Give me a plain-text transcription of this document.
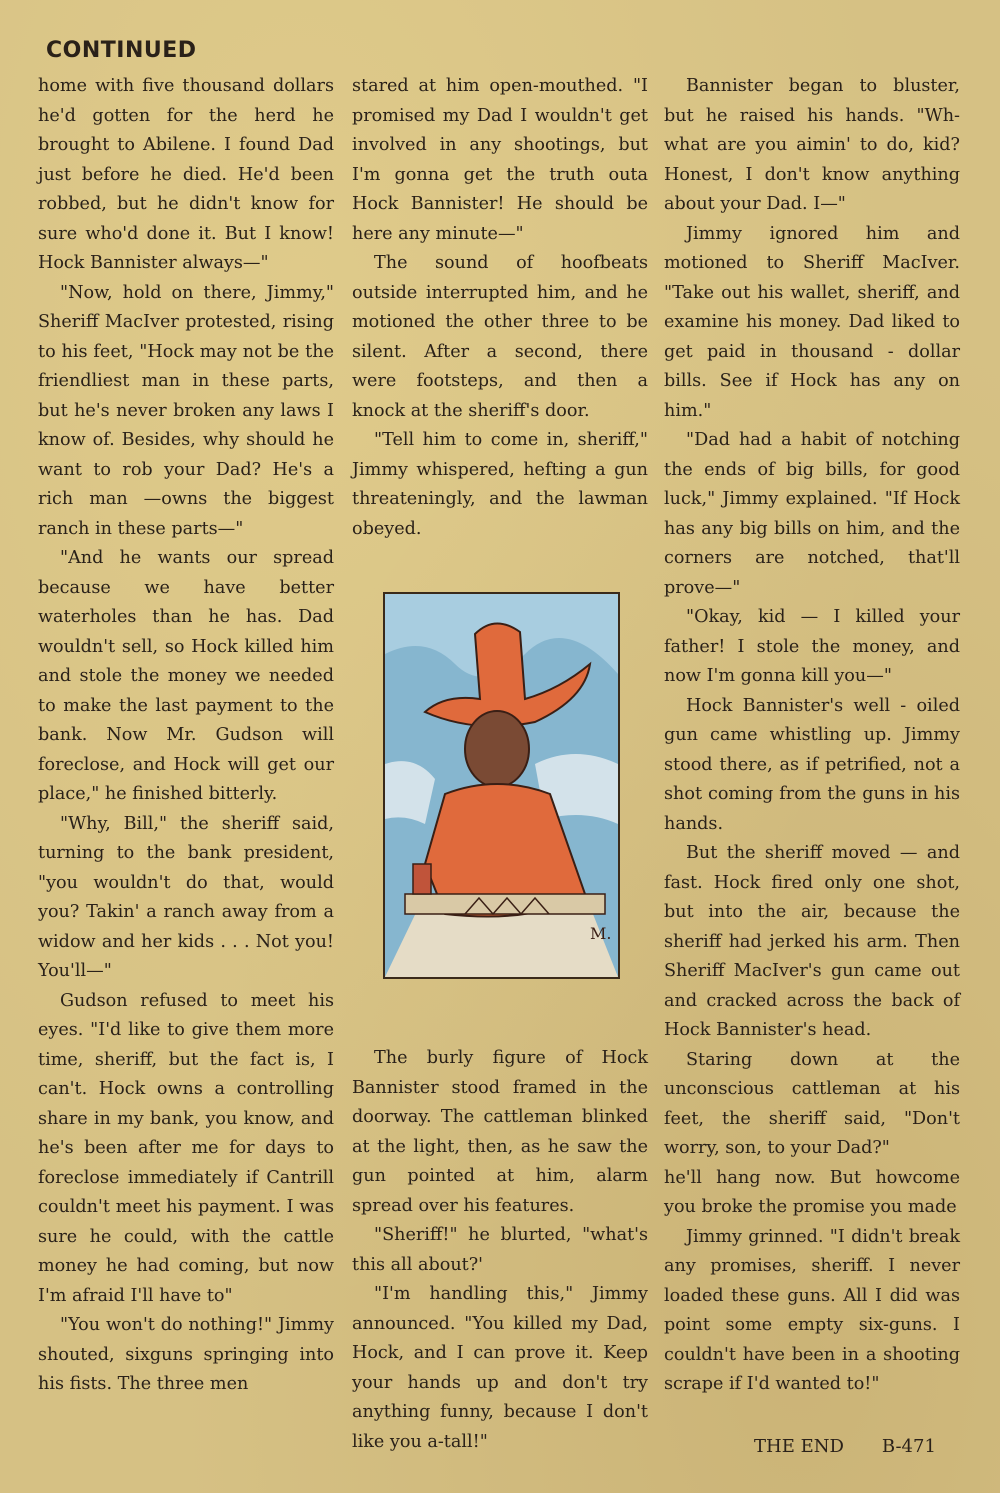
CONTINUED

home with five thousand dollars he'd gotten for the herd he brought to Abilene. I found Dad just before he died. He'd been robbed, but he didn't know for sure who'd done it. But I know! Hock Bannister always—"

"Now, hold on there, Jimmy," Sheriff MacIver protested, rising to his feet, "Hock may not be the friendliest man in these parts, but he's never broken any laws I know of. Besides, why should he want to rob your Dad? He's a rich man —owns the biggest ranch in these parts—"

"And he wants our spread because we have better waterholes than he has. Dad wouldn't sell, so Hock killed him and stole the money we needed to make the last payment to the bank. Now Mr. Gudson will foreclose, and Hock will get our place," he finished bitterly.

"Why, Bill," the sheriff said, turning to the bank president, "you wouldn't do that, would you? Takin' a ranch away from a widow and her kids . . . Not you! You'll—"

Gudson refused to meet his eyes. "I'd like to give them more time, sheriff, but the fact is, I can't. Hock owns a controlling share in my bank, you know, and he's been after me for days to foreclose immediately if Cantrill couldn't meet his payment. I was sure he could, with the cattle money he had coming, but now I'm afraid I'll have to"

"You won't do nothing!" Jimmy shouted, sixguns springing into his fists. The three men

stared at him open-mouthed. "I promised my Dad I wouldn't get involved in any shootings, but I'm gonna get the truth outa Hock Bannister! He should be here any minute—"

The sound of hoofbeats outside interrupted him, and he motioned the other three to be silent. After a second, there were footsteps, and then a knock at the sheriff's door.

"Tell him to come in, sheriff," Jimmy whispered, hefting a gun threateningly, and the lawman obeyed.

M.

The burly figure of Hock Bannister stood framed in the doorway. The cattleman blinked at the light, then, as he saw the gun pointed at him, alarm spread over his features.

"Sheriff!" he blurted, "what's this all about?'

"I'm handling this," Jimmy announced. "You killed my Dad, Hock, and I can prove it. Keep your hands up and don't try anything funny, because I don't like you a-tall!"

Bannister began to bluster, but he raised his hands. "Wh-what are you aimin' to do, kid? Honest, I don't know anything about your Dad. I—"

Jimmy ignored him and motioned to Sheriff MacIver. "Take out his wallet, sheriff, and examine his money. Dad liked to get paid in thousand - dollar bills. See if Hock has any on him."

"Dad had a habit of notching the ends of big bills, for good luck," Jimmy explained. "If Hock has any big bills on him, and the corners are notched, that'll prove—"

"Okay, kid — I killed your father! I stole the money, and now I'm gonna kill you—"

Hock Bannister's well - oiled gun came whistling up. Jimmy stood there, as if petrified, not a shot coming from the guns in his hands.

But the sheriff moved — and fast. Hock fired only one shot, but into the air, because the sheriff had jerked his arm. Then Sheriff MacIver's gun came out and cracked across the back of Hock Bannister's head.

Staring down at the unconscious cattleman at his feet, the sheriff said, "Don't worry, son, to your Dad?"

he'll hang now. But howcome you broke the promise you made

Jimmy grinned. "I didn't break any promises, sheriff. I never loaded these guns. All I did was point some empty six-guns. I couldn't have been in a shooting scrape if I'd wanted to!"

THE END B-471
